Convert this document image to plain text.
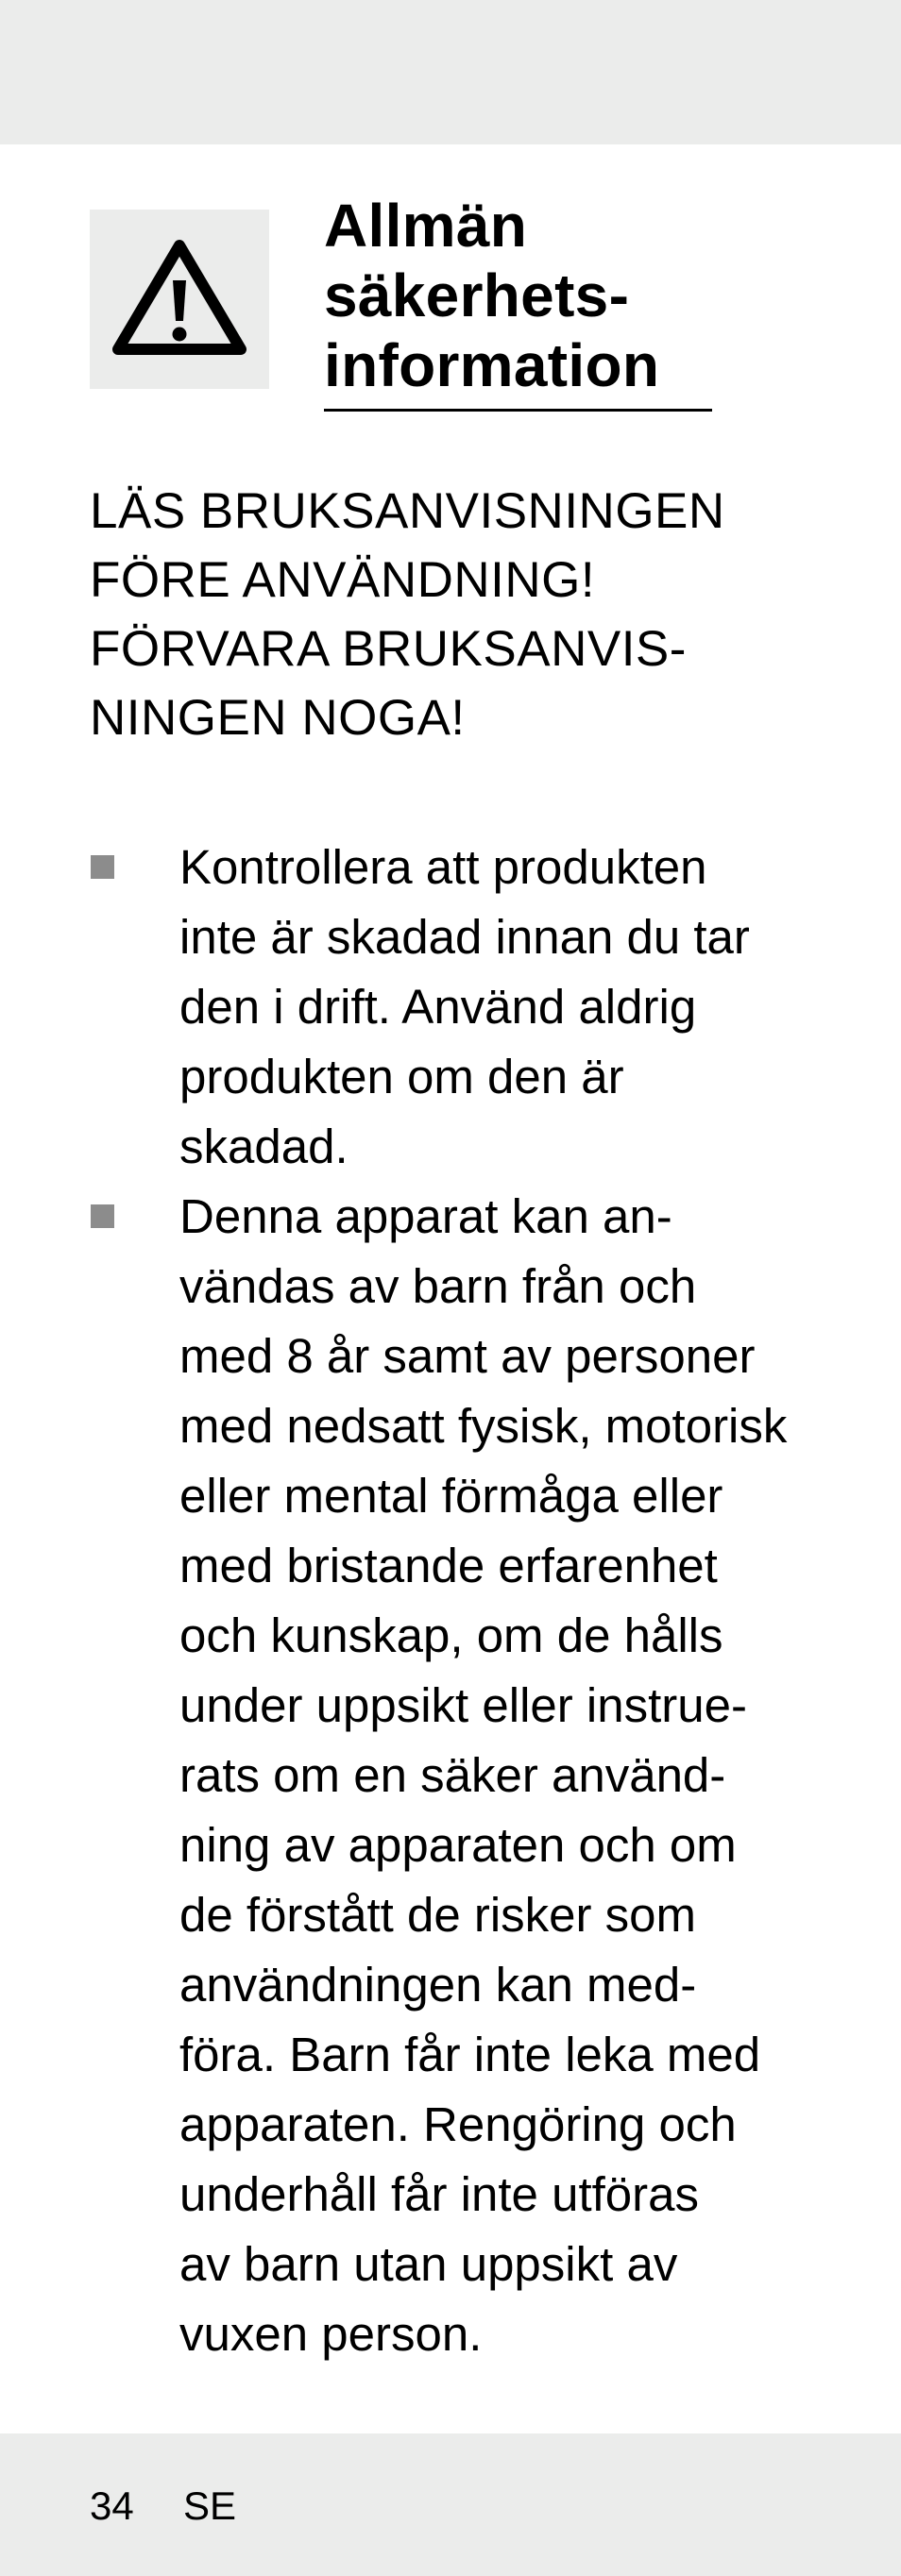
Allmän
säkerhets-
information
LÄS BRUKSANVISNINGEN
FÖRE ANVÄNDNING!
FÖRVARA BRUKSANVIS-
NINGEN NOGA!
Kontrollera att produkten
inte är skadad innan du tar
den i drift. Använd aldrig
produkten om den är
skadad.
Denna apparat kan an-
vändas av barn från och
med 8 år samt av personer
med nedsatt fysisk, motorisk
eller mental förmåga eller
med bristande erfarenhet
och kunskap, om de hålls
under uppsikt eller instrue-
rats om en säker använd-
ning av apparaten och om
de förstått de risker som
användningen kan med-
föra. Barn får inte leka med
apparaten. Rengöring och
underhåll får inte utföras
av barn utan uppsikt av
vuxen person.
34 SE
